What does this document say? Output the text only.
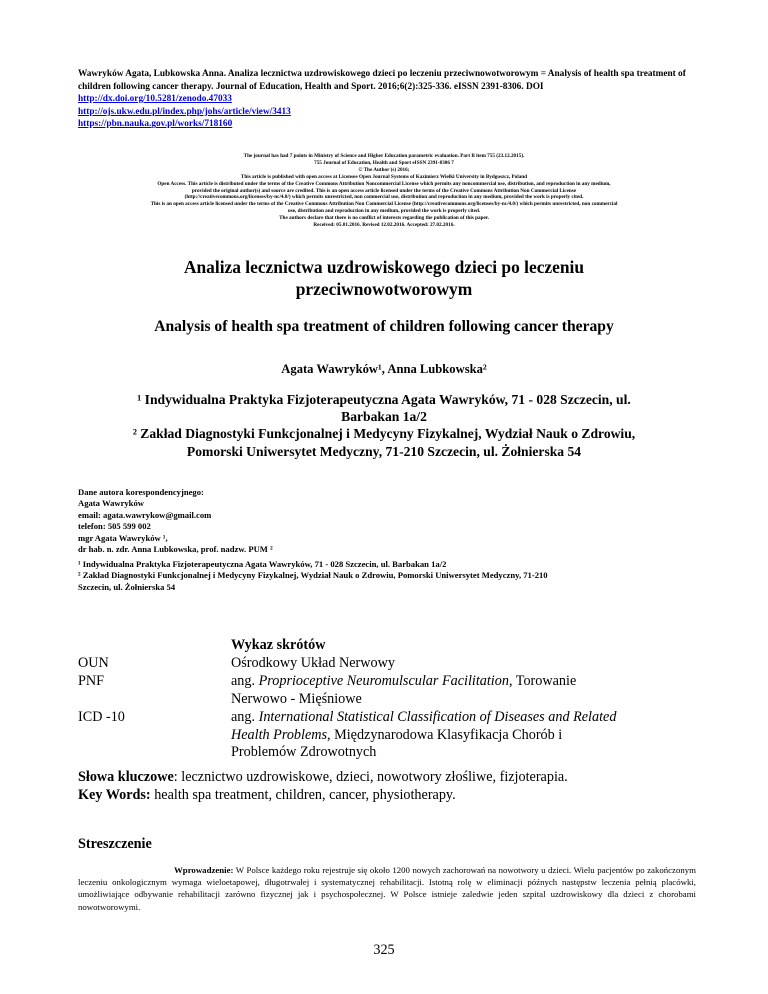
Wawryków Agata, Lubkowska Anna. Analiza lecznictwa uzdrowiskowego dzieci po leczeniu przeciwnowotworowym = Analysis of health spa treatment of children following cancer therapy. Journal of Education, Health and Sport. 2016;6(2):325-336. eISSN 2391-8306. DOI http://dx.doi.org/10.5281/zenodo.47033
http://ojs.ukw.edu.pl/index.php/johs/article/view/3413
https://pbn.nauka.gov.pl/works/718160
The journal has had 7 points in Ministry of Science and Higher Education parametric evaluation. Part B item 755 (23.12.2015).
755 Journal of Education, Health and Sport eISSN 2391-8306 7
© The Author (s) 2016;
This article is published with open access at Licensee Open Journal Systems of Kazimierz Wielki University in Bydgoszcz, Poland
Open Access. This article is distributed under the terms of the Creative Commons Attribution Noncommercial License which permits any noncommercial use, distribution, and reproduction in any medium,
provided the original author(s) and source are credited. This is an open access article licensed under the terms of the Creative Commons Attribution Non Commercial License
(http://creativecommons.org/licenses/by-nc/4.0/) which permits unrestricted, non commercial use, distribution and reproduction in any medium, provided the work is properly cited.
This is an open access article licensed under the terms of the Creative Commons Attribution Non Commercial License (http://creativecommons.org/licenses/by-nc/4.0/) which permits unrestricted, non commercial
use, distribution and reproduction in any medium, provided the work is properly cited.
The authors declare that there is no conflict of interests regarding the publication of this paper.
Received: 05.01.2016. Revised 12.02.2016. Accepted: 27.02.2016.
Analiza lecznictwa uzdrowiskowego dzieci po leczeniu
przeciwnowotworowym
Analysis of health spa treatment of children following cancer therapy
Agata Wawryków¹, Anna Lubkowska²
¹ Indywidualna Praktyka Fizjoterapeutyczna Agata Wawryków, 71 - 028 Szczecin, ul.
Barbakan 1a/2
² Zakład Diagnostyki Funkcjonalnej i Medycyny Fizykalnej, Wydział Nauk o Zdrowiu,
Pomorski Uniwersytet Medyczny, 71-210 Szczecin, ul. Żołnierska 54
Dane autora korespondencyjnego:
Agata Wawryków
email: agata.wawrykow@gmail.com
telefon: 505 599 002
mgr Agata Wawryków ¹,
dr hab. n. zdr. Anna Lubkowska, prof. nadzw. PUM ²
¹ Indywidualna Praktyka Fizjoterapeutyczna Agata Wawryków, 71 - 028 Szczecin, ul. Barbakan 1a/2
² Zakład Diagnostyki Funkcjonalnej i Medycyny Fizykalnej, Wydział Nauk o Zdrowiu, Pomorski Uniwersytet Medyczny, 71-210
Szczecin, ul. Żołnierska 54
Wykaz skrótów
OUN	Ośrodkowy Układ Nerwowy
PNF	ang. Proprioceptive Neuromulscular Facilitation, Torowanie
Nerwowo - Mięśniowe
ICD -10	ang. International Statistical Classification of Diseases and Related
Health Problems, Międzynarodowa Klasyfikacja Chorób i
Problemów Zdrowotnych
Słowa kluczowe: lecznictwo uzdrowiskowe, dzieci, nowotwory złośliwe, fizjoterapia.
Key Words: health spa treatment, children, cancer, physiotherapy.
Streszczenie
Wprowadzenie: W Polsce każdego roku rejestruje się około 1200 nowych zachorowań na nowotwory u dzieci. Wielu pacjentów po zakończonym leczeniu onkologicznym wymaga wieloetapowej, długotrwałej i systematycznej rehabilitacji. Istotną rolę w eliminacji późnych następstw leczenia pełnią placówki, umożliwiające odbywanie rehabilitacji zarówno fizycznej jak i psychospołecznej. W Polsce istnieje zaledwie jeden szpital uzdrowiskowy dla dzieci z chorobami nowotworowymi.
325
